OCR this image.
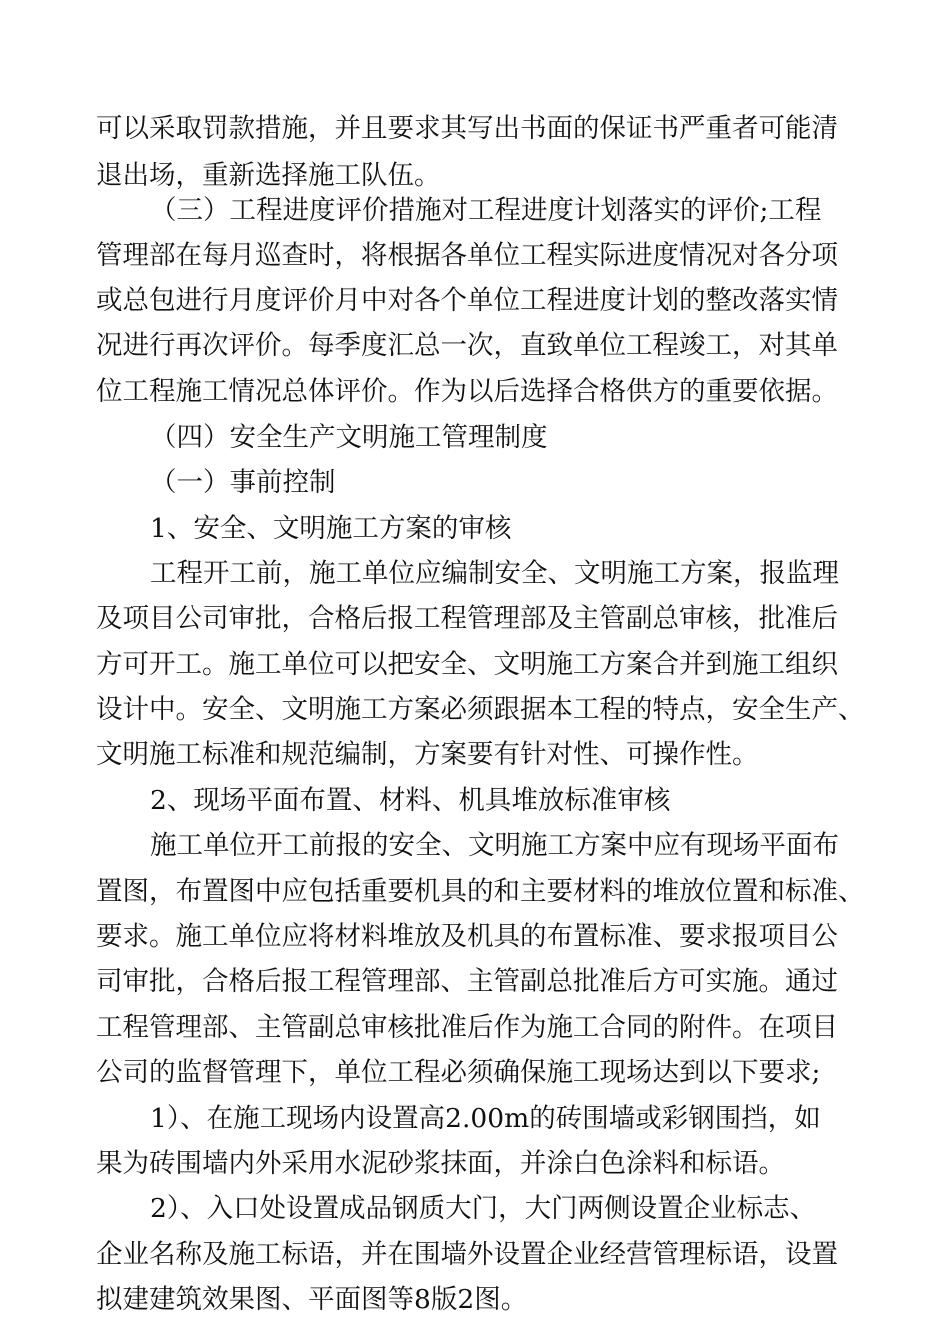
可以采取罚款措施，并且要求其写出书面的保证书严重者可能清
退出场，重新选择施工队伍。
（三）工程进度评价措施对工程进度计划落实的评价;工程
管理部在每月巡查时，将根据各单位工程实际进度情况对各分项
或总包进行月度评价月中对各个单位工程进度计划的整改落实情
况进行再次评价。每季度汇总一次，直致单位工程竣工，对其单
位工程施工情况总体评价。作为以后选择合格供方的重要依据。
（四）安全生产文明施工管理制度
（一）事前控制
1、安全、文明施工方案的审核
工程开工前，施工单位应编制安全、文明施工方案，报监理
及项目公司审批，合格后报工程管理部及主管副总审核，批准后
方可开工。施工单位可以把安全、文明施工方案合并到施工组织
设计中。安全、文明施工方案必须跟据本工程的特点，安全生产、
文明施工标准和规范编制，方案要有针对性、可操作性。
2、现场平面布置、材料、机具堆放标准审核
施工单位开工前报的安全、文明施工方案中应有现场平面布
置图，布置图中应包括重要机具的和主要材料的堆放位置和标准、
要求。施工单位应将材料堆放及机具的布置标准、要求报项目公
司审批，合格后报工程管理部、主管副总批准后方可实施。通过
工程管理部、主管副总审核批准后作为施工合同的附件。在项目
公司的监督管理下，单位工程必须确保施工现场达到以下要求;
1）、在施工现场内设置高2.00m的砖围墙或彩钢围挡，如
果为砖围墙内外采用水泥砂浆抹面，并涂白色涂料和标语。
2）、入口处设置成品钢质大门，大门两侧设置企业标志、
企业名称及施工标语，并在围墙外设置企业经营管理标语，设置
拟建建筑效果图、平面图等8版2图。
